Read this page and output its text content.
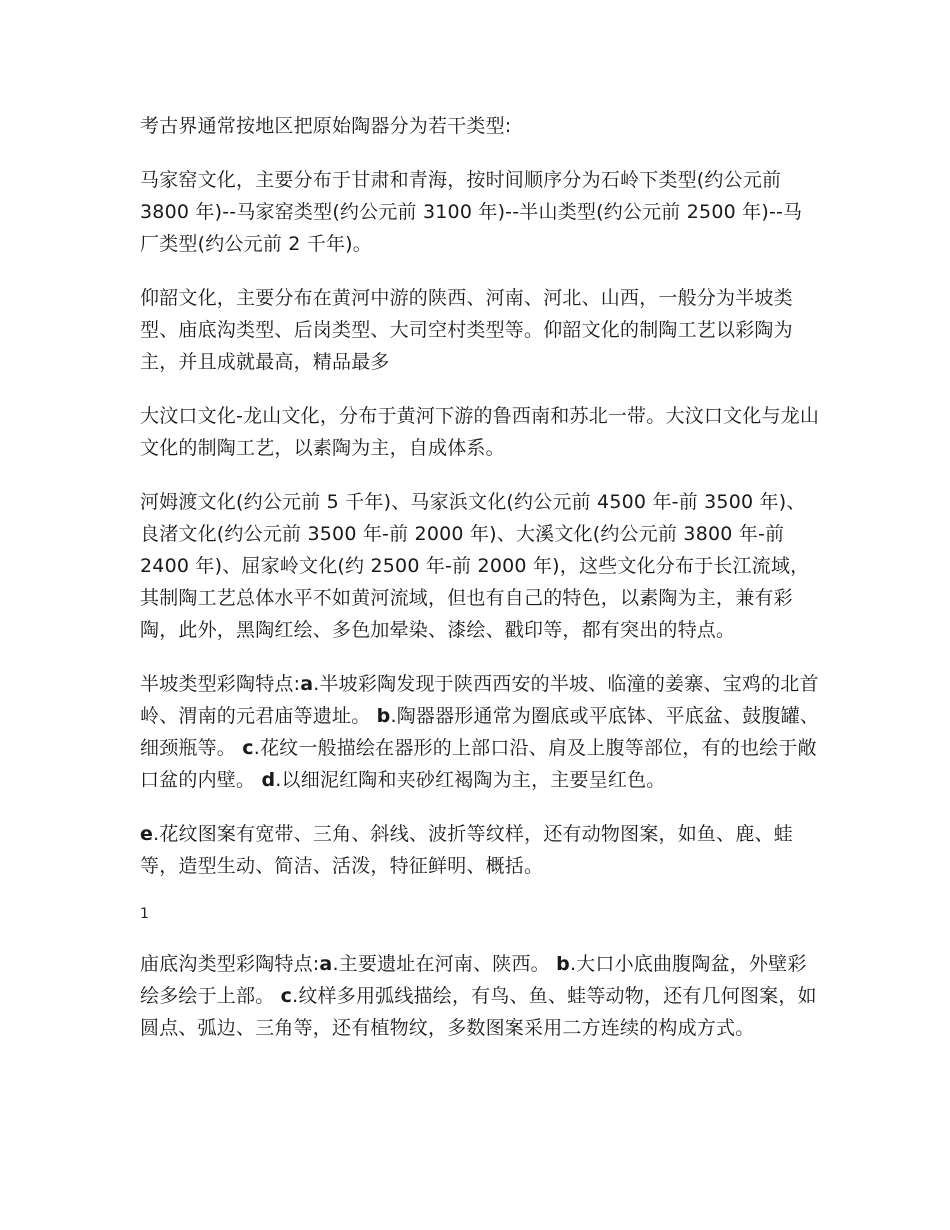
考古界通常按地区把原始陶器分为若干类型:

马家窑文化，主要分布于甘肃和青海，按时间顺序分为石岭下类型(约公元前 3800 年)--马家窑类型(约公元前 3100 年)--半山类型(约公元前 2500 年)--马厂类型(约公元前 2 千年)。

仰韶文化，主要分布在黄河中游的陕西、河南、河北、山西，一般分为半坡类型、庙底沟类型、后岗类型、大司空村类型等。仰韶文化的制陶工艺以彩陶为主，并且成就最高，精品最多

大汶口文化-龙山文化，分布于黄河下游的鲁西南和苏北一带。大汶口文化与龙山文化的制陶工艺，以素陶为主，自成体系。

河姆渡文化(约公元前 5 千年)、马家浜文化(约公元前 4500 年-前 3500 年)、良渚文化(约公元前 3500 年-前 2000 年)、大溪文化(约公元前 3800 年-前 2400 年)、屈家岭文化(约 2500 年-前 2000 年)，这些文化分布于长江流域，其制陶工艺总体水平不如黄河流域，但也有自己的特色，以素陶为主，兼有彩陶，此外，黑陶红绘、多色加晕染、漆绘、戳印等，都有突出的特点。

半坡类型彩陶特点:a.半坡彩陶发现于陕西西安的半坡、临潼的姜寨、宝鸡的北首岭、渭南的元君庙等遗址。 b.陶器器形通常为圈底或平底钵、平底盆、鼓腹罐、细颈瓶等。 c.花纹一般描绘在器形的上部口沿、肩及上腹等部位，有的也绘于敞口盆的内壁。 d.以细泥红陶和夹砂红褐陶为主，主要呈红色。

e.花纹图案有宽带、三角、斜线、波折等纹样，还有动物图案，如鱼、鹿、蛙等，造型生动、简洁、活泼，特征鲜明、概括。

1

庙底沟类型彩陶特点:a.主要遗址在河南、陕西。 b.大口小底曲腹陶盆，外壁彩绘多绘于上部。 c.纹样多用弧线描绘，有鸟、鱼、蛙等动物，还有几何图案，如圆点、弧边、三角等，还有植物纹，多数图案采用二方连续的构成方式。
